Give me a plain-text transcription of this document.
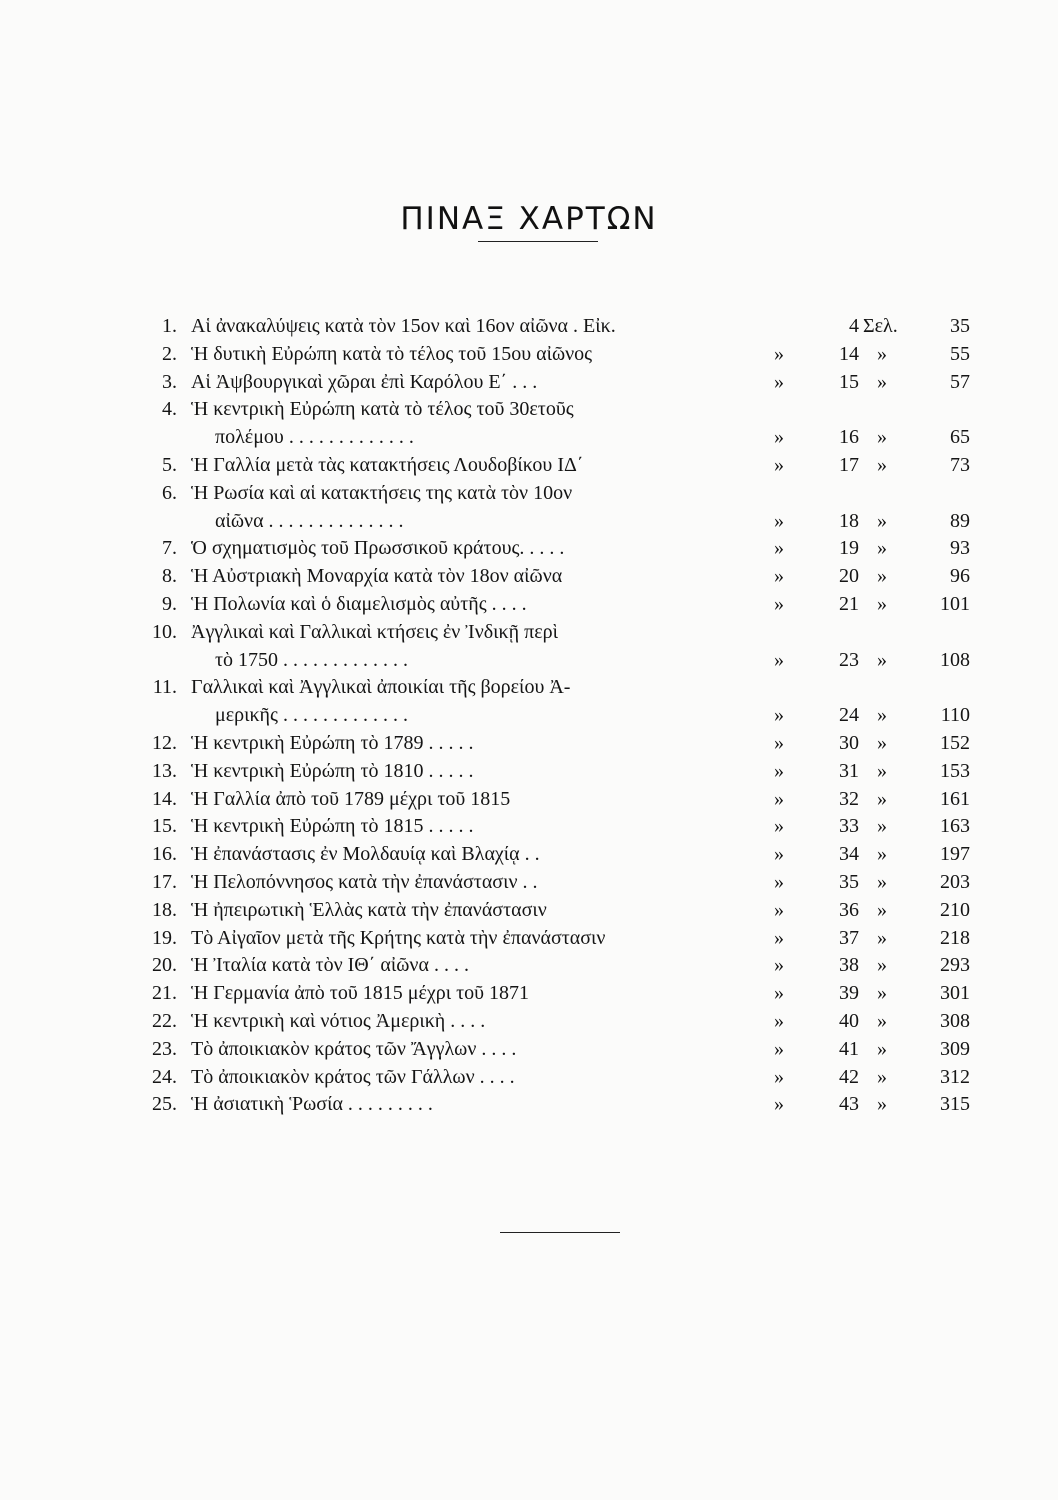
ΠΙΝΑΞ ΧΑΡΤΩΝ
1. Αἱ ἀνακαλύψεις κατὰ τὸν 15ον καὶ 16ον αἰῶνα . Εἰκ.	4 Σελ.	35
2. Ἡ δυτικὴ Εὐρώπη κατὰ τὸ τέλος τοῦ 15ου αἰῶνος	»	14 »	55
3. Αἱ Ἀψβουργικαὶ χῶραι ἐπὶ Καρόλου Ε΄ . . .	»	15 »	57
4. Ἡ κεντρικὴ Εὐρώπη κατὰ τὸ τέλος τοῦ 30ετοῦς
πολέμου . . . . . . . . . . . . .	»	16 »	65
5. Ἡ Γαλλία μετὰ τὰς κατακτήσεις Λουδοβίκου ΙΔ΄	»	17 »	73
6. Ἡ Ρωσία καὶ αἱ κατακτήσεις της κατὰ τὸν 10ον
αἰῶνα . . . . . . . . . . . . . .	»	18 »	89
7. Ὁ σχηματισμὸς τοῦ Πρωσσικοῦ κράτους. . . . .	»	19 »	93
8. Ἡ Αὐστριακὴ Μοναρχία κατὰ τὸν 18ον αἰῶνα	»	20 »	96
9. Ἡ Πολωνία καὶ ὁ διαμελισμὸς αὐτῆς . . . .	»	21 »	101
10. Ἀγγλικαὶ καὶ Γαλλικαὶ κτήσεις ἐν Ἰνδικῇ περὶ
τὸ 1750 . . . . . . . . . . . . .	»	23 »	108
11. Γαλλικαὶ καὶ Ἀγγλικαὶ ἀποικίαι τῆς βορείου Ἀ-
μερικῆς . . . . . . . . . . . . .	»	24 »	110
12. Ἡ κεντρικὴ Εὐρώπη τὸ 1789 . . . . .	»	30 »	152
13. Ἡ κεντρικὴ Εὐρώπη τὸ 1810 . . . . .	»	31 »	153
14. Ἡ Γαλλία ἀπὸ τοῦ 1789 μέχρι τοῦ 1815	»	32 »	161
15. Ἡ κεντρικὴ Εὐρώπη τὸ 1815 . . . . .	»	33 »	163
16. Ἡ ἐπανάστασις ἐν Μολδαυίᾳ καὶ Βλαχίᾳ . .	»	34 »	197
17. Ἡ Πελοπόννησος κατὰ τὴν ἐπανάστασιν . .	»	35 »	203
18. Ἡ ἠπειρωτικὴ Ἑλλὰς κατὰ τὴν ἐπανάστασιν	»	36 »	210
19. Τὸ Αἰγαῖον μετὰ τῆς Κρήτης κατὰ τὴν ἐπανάστασιν	»	37 »	218
20. Ἡ Ἰταλία κατὰ τὸν ΙΘ΄ αἰῶνα . . . .	»	38 »	293
21. Ἡ Γερμανία ἀπὸ τοῦ 1815 μέχρι τοῦ 1871	»	39 »	301
22. Ἡ κεντρικὴ καὶ νότιος Ἀμερικὴ . . . .	»	40 »	308
23. Τὸ ἀποικιακὸν κράτος τῶν Ἄγγλων . . . .	»	41 »	309
24. Τὸ ἀποικιακὸν κράτος τῶν Γάλλων . . . .	»	42 »	312
25. Ἡ ἀσιατικὴ Ῥωσία . . . . . . . . .	»	43 »	315
